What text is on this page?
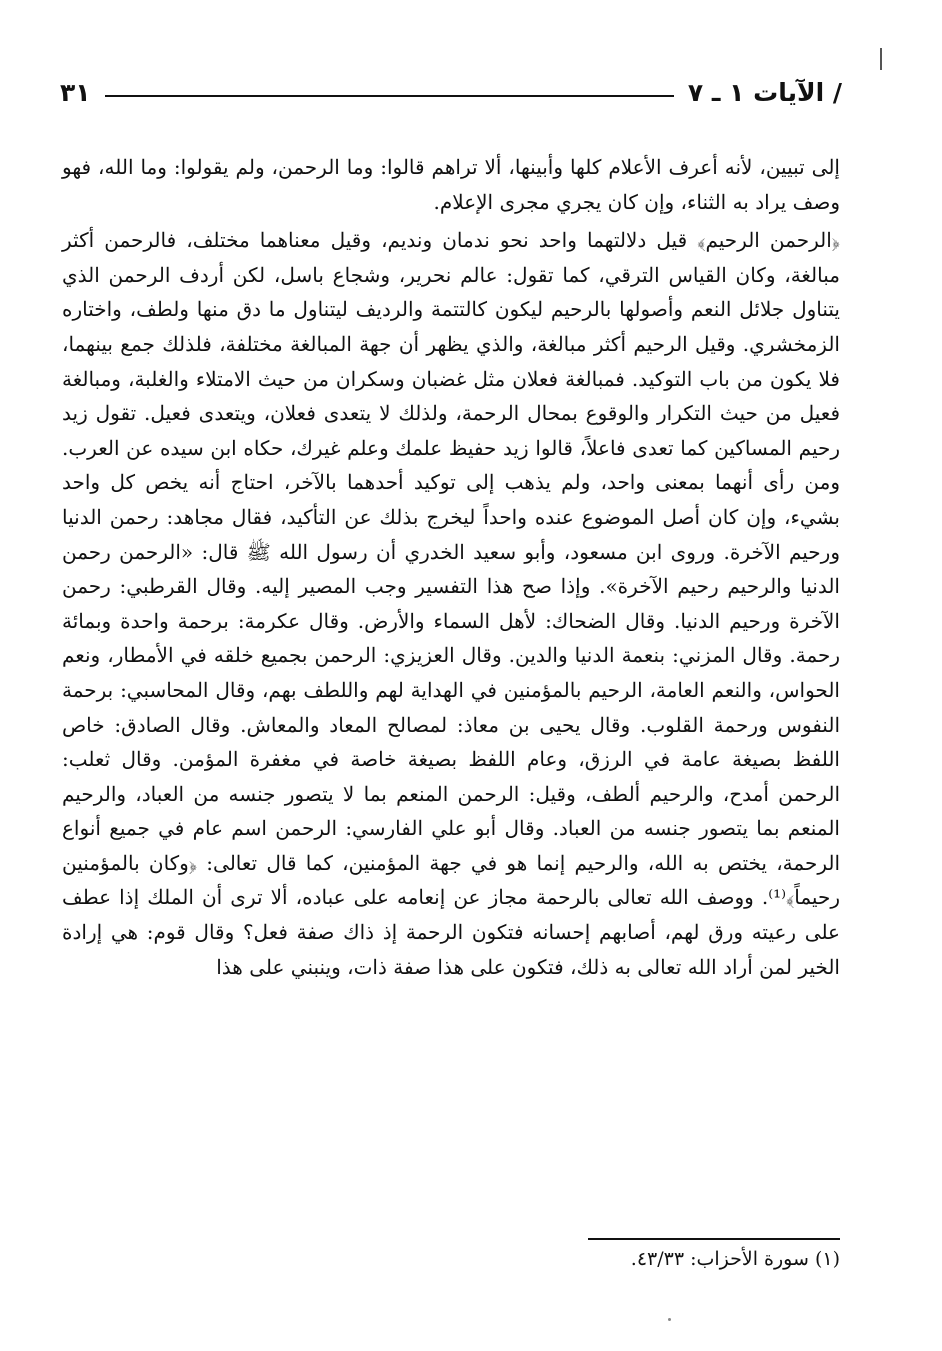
/ الآيات ١ ـ ٧
٣١

إلى تبيين، لأنه أعرف الأعلام كلها وأبينها، ألا تراهم قالوا: وما الرحمن، ولم يقولوا: وما الله، فهو وصف يراد به الثناء، وإن كان يجري مجرى الإعلام.

﴿الرحمن الرحيم﴾ قيل دلالتهما واحد نحو ندمان ونديم، وقيل معناهما مختلف، فالرحمن أكثر مبالغة، وكان القياس الترقي، كما تقول: عالم نحرير، وشجاع باسل، لكن أردف الرحمن الذي يتناول جلائل النعم وأصولها بالرحيم ليكون كالتتمة والرديف ليتناول ما دق منها ولطف، واختاره الزمخشري. وقيل الرحيم أكثر مبالغة، والذي يظهر أن جهة المبالغة مختلفة، فلذلك جمع بينهما، فلا يكون من باب التوكيد. فمبالغة فعلان مثل غضبان وسكران من حيث الامتلاء والغلبة، ومبالغة فعيل من حيث التكرار والوقوع بمحال الرحمة، ولذلك لا يتعدى فعلان، ويتعدى فعيل. تقول زيد رحيم المساكين كما تعدى فاعلاً، قالوا زيد حفيظ علمك وعلم غيرك، حكاه ابن سيده عن العرب. ومن رأى أنهما بمعنى واحد، ولم يذهب إلى توكيد أحدهما بالآخر، احتاج أنه يخص كل واحد بشيء، وإن كان أصل الموضوع عنده واحداً ليخرج بذلك عن التأكيد، فقال مجاهد: رحمن الدنيا ورحيم الآخرة. وروى ابن مسعود، وأبو سعيد الخدري أن رسول الله ﷺ قال: «الرحمن رحمن الدنيا والرحيم رحيم الآخرة». وإذا صح هذا التفسير وجب المصير إليه. وقال القرطبي: رحمن الآخرة ورحيم الدنيا. وقال الضحاك: لأهل السماء والأرض. وقال عكرمة: برحمة واحدة وبمائة رحمة. وقال المزني: بنعمة الدنيا والدين. وقال العزيزي: الرحمن بجميع خلقه في الأمطار، ونعم الحواس، والنعم العامة، الرحيم بالمؤمنين في الهداية لهم واللطف بهم، وقال المحاسبي: برحمة النفوس ورحمة القلوب. وقال يحيى بن معاذ: لمصالح المعاد والمعاش. وقال الصادق: خاص اللفظ بصيغة عامة في الرزق، وعام اللفظ بصيغة خاصة في مغفرة المؤمن. وقال ثعلب: الرحمن أمدح، والرحيم ألطف، وقيل: الرحمن المنعم بما لا يتصور جنسه من العباد، والرحيم المنعم بما يتصور جنسه من العباد. وقال أبو علي الفارسي: الرحمن اسم عام في جميع أنواع الرحمة، يختص به الله، والرحيم إنما هو في جهة المؤمنين، كما قال تعالى: ﴿وكان بالمؤمنين رحيماً﴾⁽¹⁾. ووصف الله تعالى بالرحمة مجاز عن إنعامه على عباده، ألا ترى أن الملك إذا عطف على رعيته ورق لهم، أصابهم إحسانه فتكون الرحمة إذ ذاك صفة فعل؟ وقال قوم: هي إرادة الخير لمن أراد الله تعالى به ذلك، فتكون على هذا صفة ذات، وينبني على هذا

(١) سورة الأحزاب: ٤٣/٣٣.
